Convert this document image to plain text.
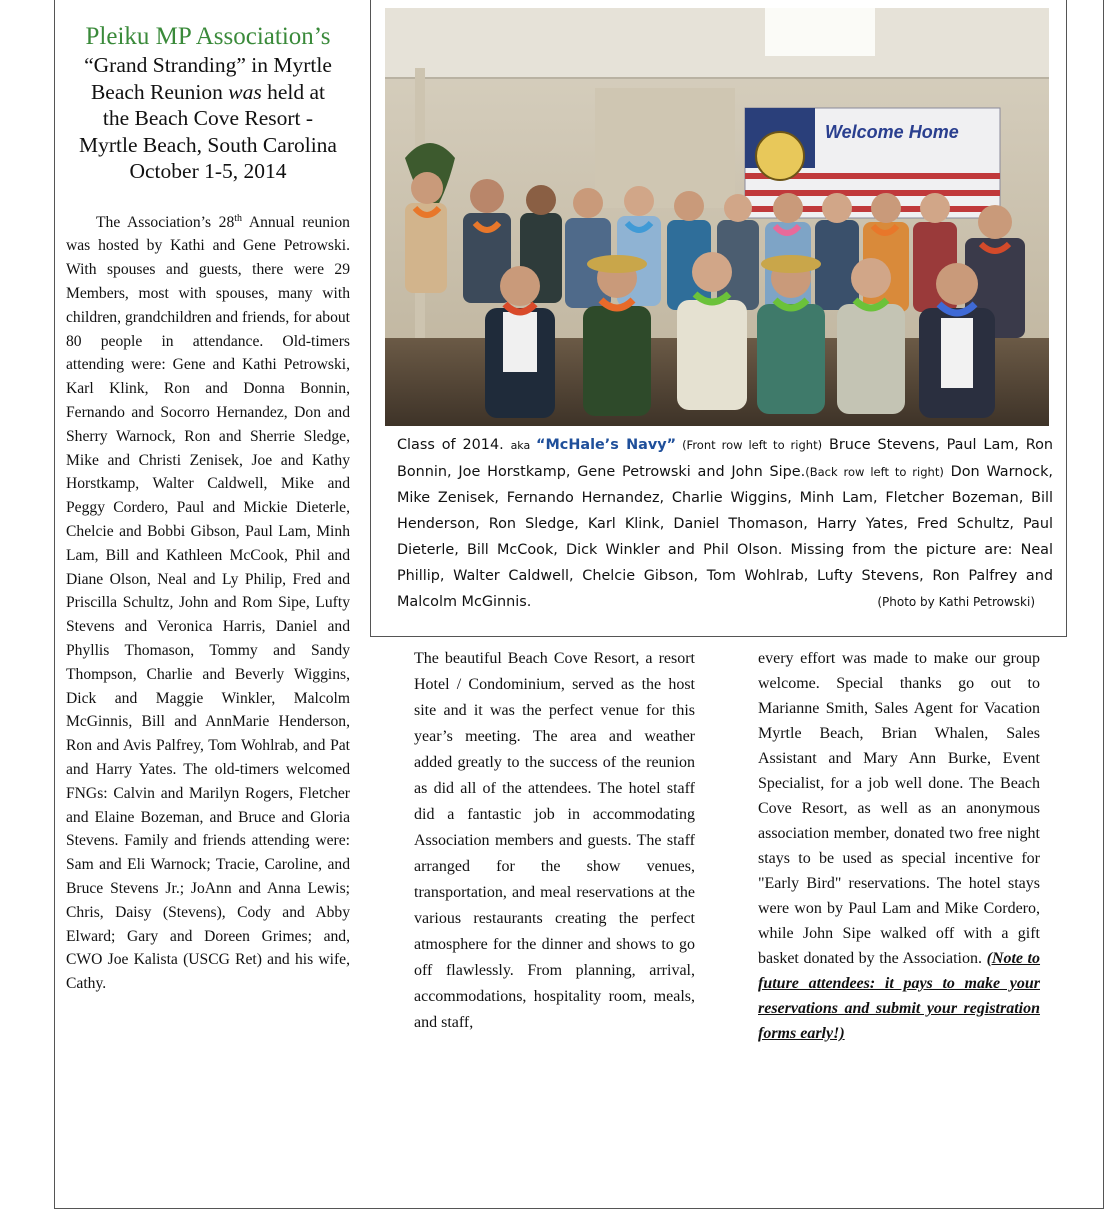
Pleiku MP Association’s

“Grand Stranding” in Myrtle

Beach Reunion was held at

the Beach Cove Resort -

Myrtle Beach, South Carolina

October 1-5, 2014

The Association’s 28th Annual reunion was hosted by Kathi and Gene Petrowski. With spouses and guests, there were 29 Members, most with spouses, many with children, grandchildren and friends, for about 80 people in attendance. Old-timers attending were: Gene and Kathi Petrowski, Karl Klink, Ron and Donna Bonnin, Fernando and Socorro Hernandez, Don and Sherry Warnock, Ron and Sherrie Sledge, Mike and Christi Zenisek, Joe and Kathy Horstkamp, Walter Caldwell, Mike and Peggy Cordero, Paul and Mickie Dieterle, Chelcie and Bobbi Gibson, Paul Lam, Minh Lam, Bill and Kathleen McCook, Phil and Diane Olson, Neal and Ly Philip, Fred and Priscilla Schultz, John and Rom Sipe, Lufty Stevens and Veronica Harris, Daniel and Phyllis Thomason, Tommy and Sandy Thompson, Charlie and Beverly Wiggins, Dick and Maggie Winkler, Malcolm McGinnis, Bill and AnnMarie Henderson, Ron and Avis Palfrey, Tom Wohlrab, and Pat and Harry Yates. The old-timers welcomed FNGs: Calvin and Marilyn Rogers, Fletcher and Elaine Bozeman, and Bruce and Gloria Stevens. Family and friends attending were: Sam and Eli Warnock; Tracie, Caroline, and Bruce Stevens Jr.; JoAnn and Anna Lewis; Chris, Daisy (Stevens), Cody and Abby Elward; Gary and Doreen Grimes; and, CWO Joe Kalista (USCG Ret) and his wife, Cathy.
Welcome Home
Class of 2014. aka “McHale’s Navy” (Front row left to right) Bruce Stevens, Paul Lam, Ron Bonnin, Joe Horstkamp, Gene Petrowski and John Sipe.(Back row left to right) Don Warnock, Mike Zenisek, Fernando Hernandez, Charlie Wiggins, Minh Lam, Fletcher Bozeman, Bill Henderson, Ron Sledge, Karl Klink, Daniel Thomason, Harry Yates, Fred Schultz, Paul Dieterle, Bill McCook, Dick Winkler and Phil Olson. Missing from the picture are: Neal Phillip, Walter Caldwell, Chelcie Gibson, Tom Wohlrab, Lufty Stevens, Ron Palfrey and Malcolm McGinnis.	(Photo by Kathi Petrowski)
The beautiful Beach Cove Resort, a resort Hotel / Condominium, served as the host site and it was the perfect venue for this year’s meeting. The area and weather added greatly to the success of the reunion as did all of the attendees. The hotel staff did a fantastic job in accommodating Association members and guests. The staff arranged for the show venues, transportation, and meal reservations at the various restaurants creating the perfect atmosphere for the dinner and shows to go off flawlessly. From planning, arrival, accommodations, hospitality room, meals, and staff,
every effort was made to make our group welcome. Special thanks go out to Marianne Smith, Sales Agent for Vacation Myrtle Beach, Brian Whalen, Sales Assistant and Mary Ann Burke, Event Specialist, for a job well done. The Beach Cove Resort, as well as an anonymous association member, donated two free night stays to be used as special incentive for "Early Bird" reservations. The hotel stays were won by Paul Lam and Mike Cordero, while John Sipe walked off with a gift basket donated by the Association. (Note to future attendees: it pays to make your reservations and submit your registration forms early!)
